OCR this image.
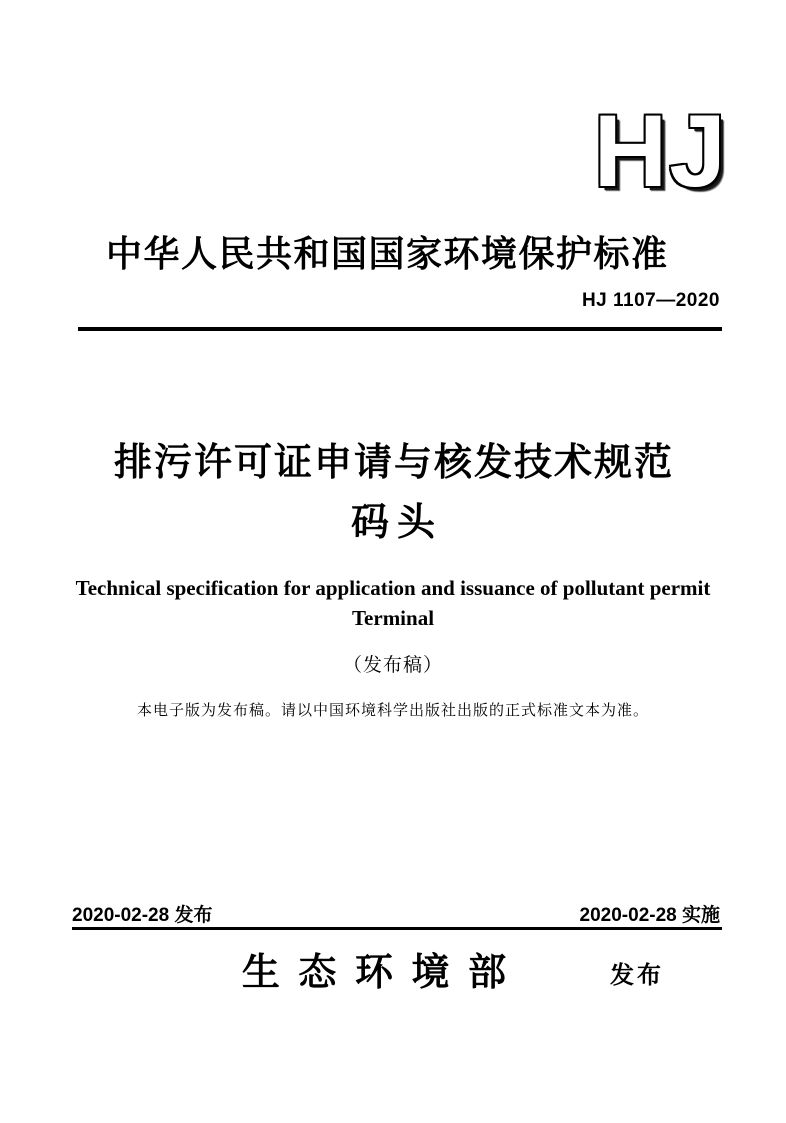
HJ
中华人民共和国国家环境保护标准
HJ 1107—2020
排污许可证申请与核发技术规范
码头
Technical specification for application and issuance of pollutant permit
Terminal
（发布稿）
本电子版为发布稿。请以中国环境科学出版社出版的正式标准文本为准。
2020-02-28 发布	2020-02-28 实施
生 态 环 境 部	发布
